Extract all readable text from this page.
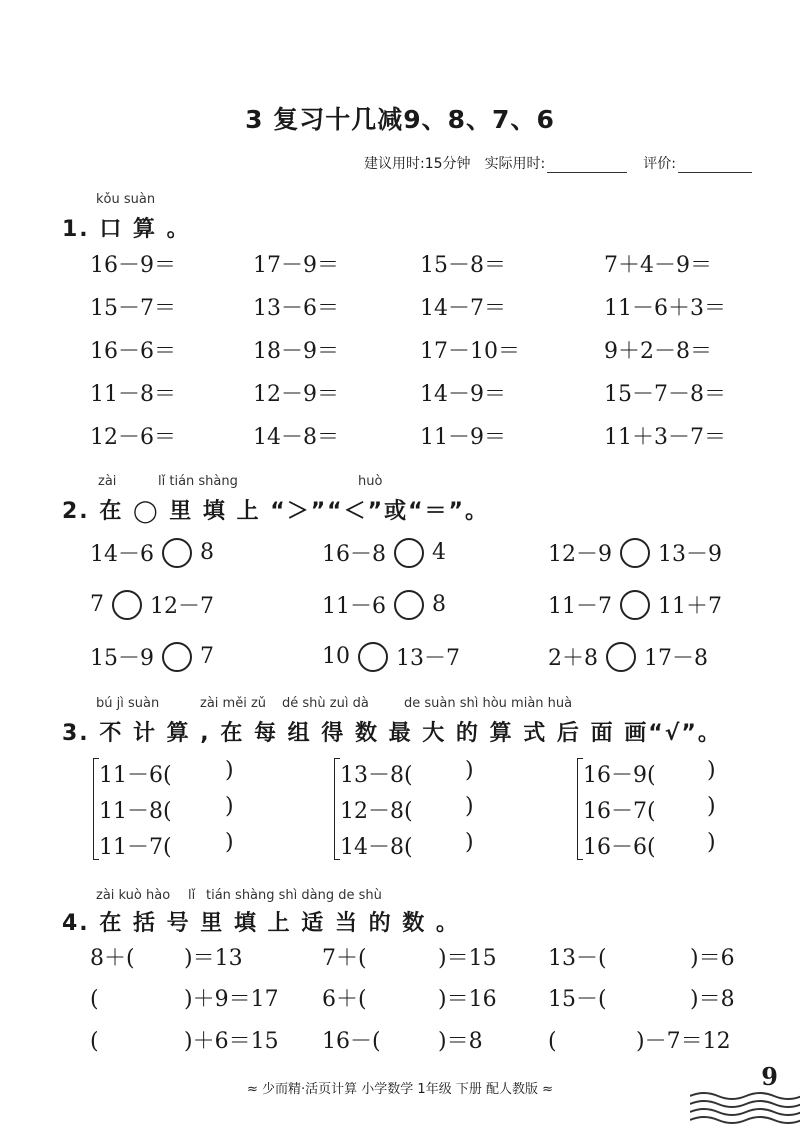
3 复习十几减9、8、7、6
建议用时:15分钟 实际用时:	评价:
kǒu suàn
1. 口 算 。
16－9＝	17－9＝	15－8＝	7＋4－9＝
15－7＝	13－6＝	14－7＝	11－6＋3＝
16－6＝	18－9＝	17－10＝	9＋2－8＝
11－8＝	12－9＝	14－9＝	15－7－8＝
12－6＝	14－8＝	11－9＝	11＋3－7＝
zài	lǐ tián shàng	huò
2. 在 ◯ 里 填 上 “＞”“＜”或“＝”。
14－6 8	16－8 4	12－9 13－9
7 12－7	11－6 8	11－7 11＋7
15－9 7	10 13－7	2＋8 17－8
bú jì suàn	zài měi zǔ dé shù zuì dà	de suàn shì hòu miàn huà
3. 不 计 算 , 在 每 组 得 数 最 大 的 算 式 后 面 画“√”。
11－6( )
11－8( )
11－7( )
13－8( )
12－8( )
14－8( )
16－9( )
16－7( )
16－6( )
zài kuò hào lǐ tián shàng shì dàng de shù
4. 在 括 号 里 填 上 适 当 的 数 。
8＋( )＝13	7＋(	)＝15 13－(	)＝6
(	)＋9＝17 6＋(	)＝16 15－(	)＝8
(	)＋6＝15 16－(	)＝8	(	)－7＝12
≈ 少而精·活页计算 小学数学 1年级 下册 配人教版 ≈	9
